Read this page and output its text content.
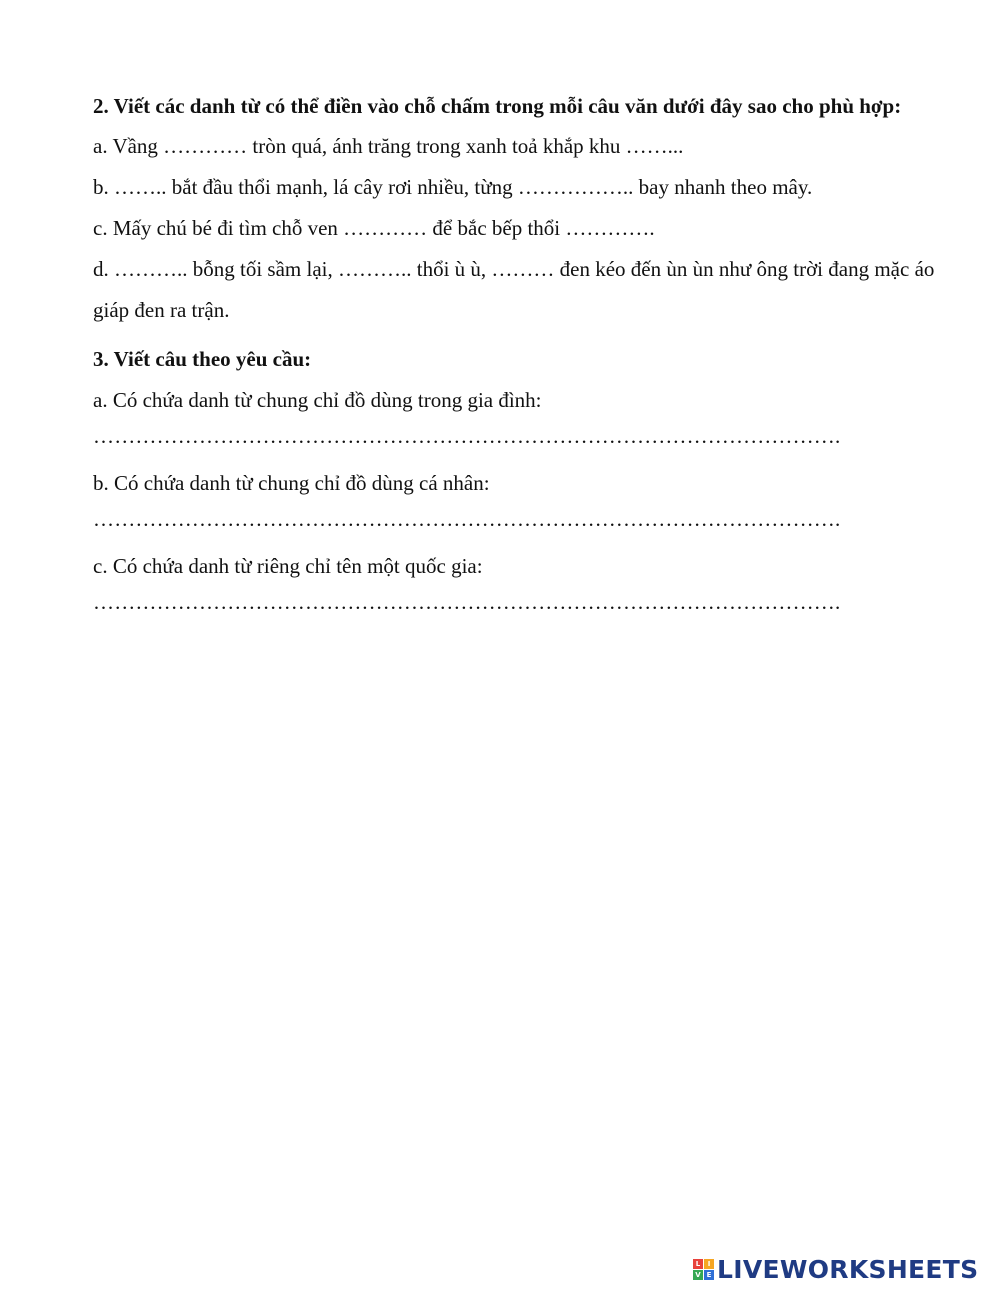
2. Viết các danh từ có thể điền vào chỗ chấm trong mỗi câu văn dưới đây sao cho phù hợp:

a. Vầng ………… tròn quá, ánh trăng trong xanh toả khắp khu ……...

b. …….. bắt đầu thổi mạnh, lá cây rơi nhiều, từng …………….. bay nhanh theo mây.

c. Mấy chú bé đi tìm chỗ ven ………… để bắc bếp thổi ………….

d. ……….. bỗng tối sầm lại, ……….. thổi ù ù, ……… đen kéo đến ùn ùn như ông trời đang mặc áo giáp đen ra trận.

3. Viết câu theo yêu cầu:

a. Có chứa danh từ chung chỉ đồ dùng trong gia đình:

…………………………………………………………………………………………….

b. Có chứa danh từ chung chỉ đồ dùng cá nhân:

…………………………………………………………………………………………….

c. Có chứa danh từ riêng chỉ tên một quốc gia:

…………………………………………………………………………………………….

L	I
V E LIVEWORKSHEETS
